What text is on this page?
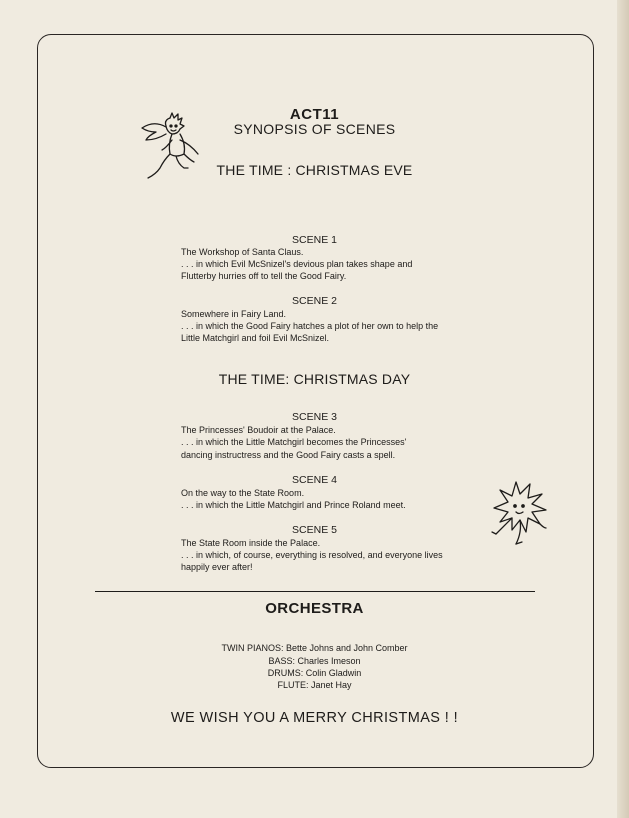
ACT11
SYNOPSIS OF SCENES
THE TIME : CHRISTMAS EVE
SCENE 1
The Workshop of Santa Claus.
. . . in which Evil McSnizel's devious plan takes shape and
Flutterby hurries off to tell the Good Fairy.
SCENE 2
Somewhere in Fairy Land.
. . . in which the Good Fairy hatches a plot of her own to help the
Little Matchgirl and foil Evil McSnizel.
THE TIME: CHRISTMAS DAY
SCENE 3
The Princesses' Boudoir at the Palace.
. . . in which the Little Matchgirl becomes the Princesses'
dancing instructress and the Good Fairy casts a spell.
SCENE 4
On the way to the State Room.
. . . in which the Little Matchgirl and Prince Roland meet.
SCENE 5
The State Room inside the Palace.
. . . in which, of course, everything is resolved, and everyone lives
happily ever after!
ORCHESTRA
TWIN PIANOS: Bette Johns and John Comber
BASS: Charles Imeson
DRUMS: Colin Gladwin
FLUTE: Janet Hay
WE WISH YOU A MERRY CHRISTMAS ! !
